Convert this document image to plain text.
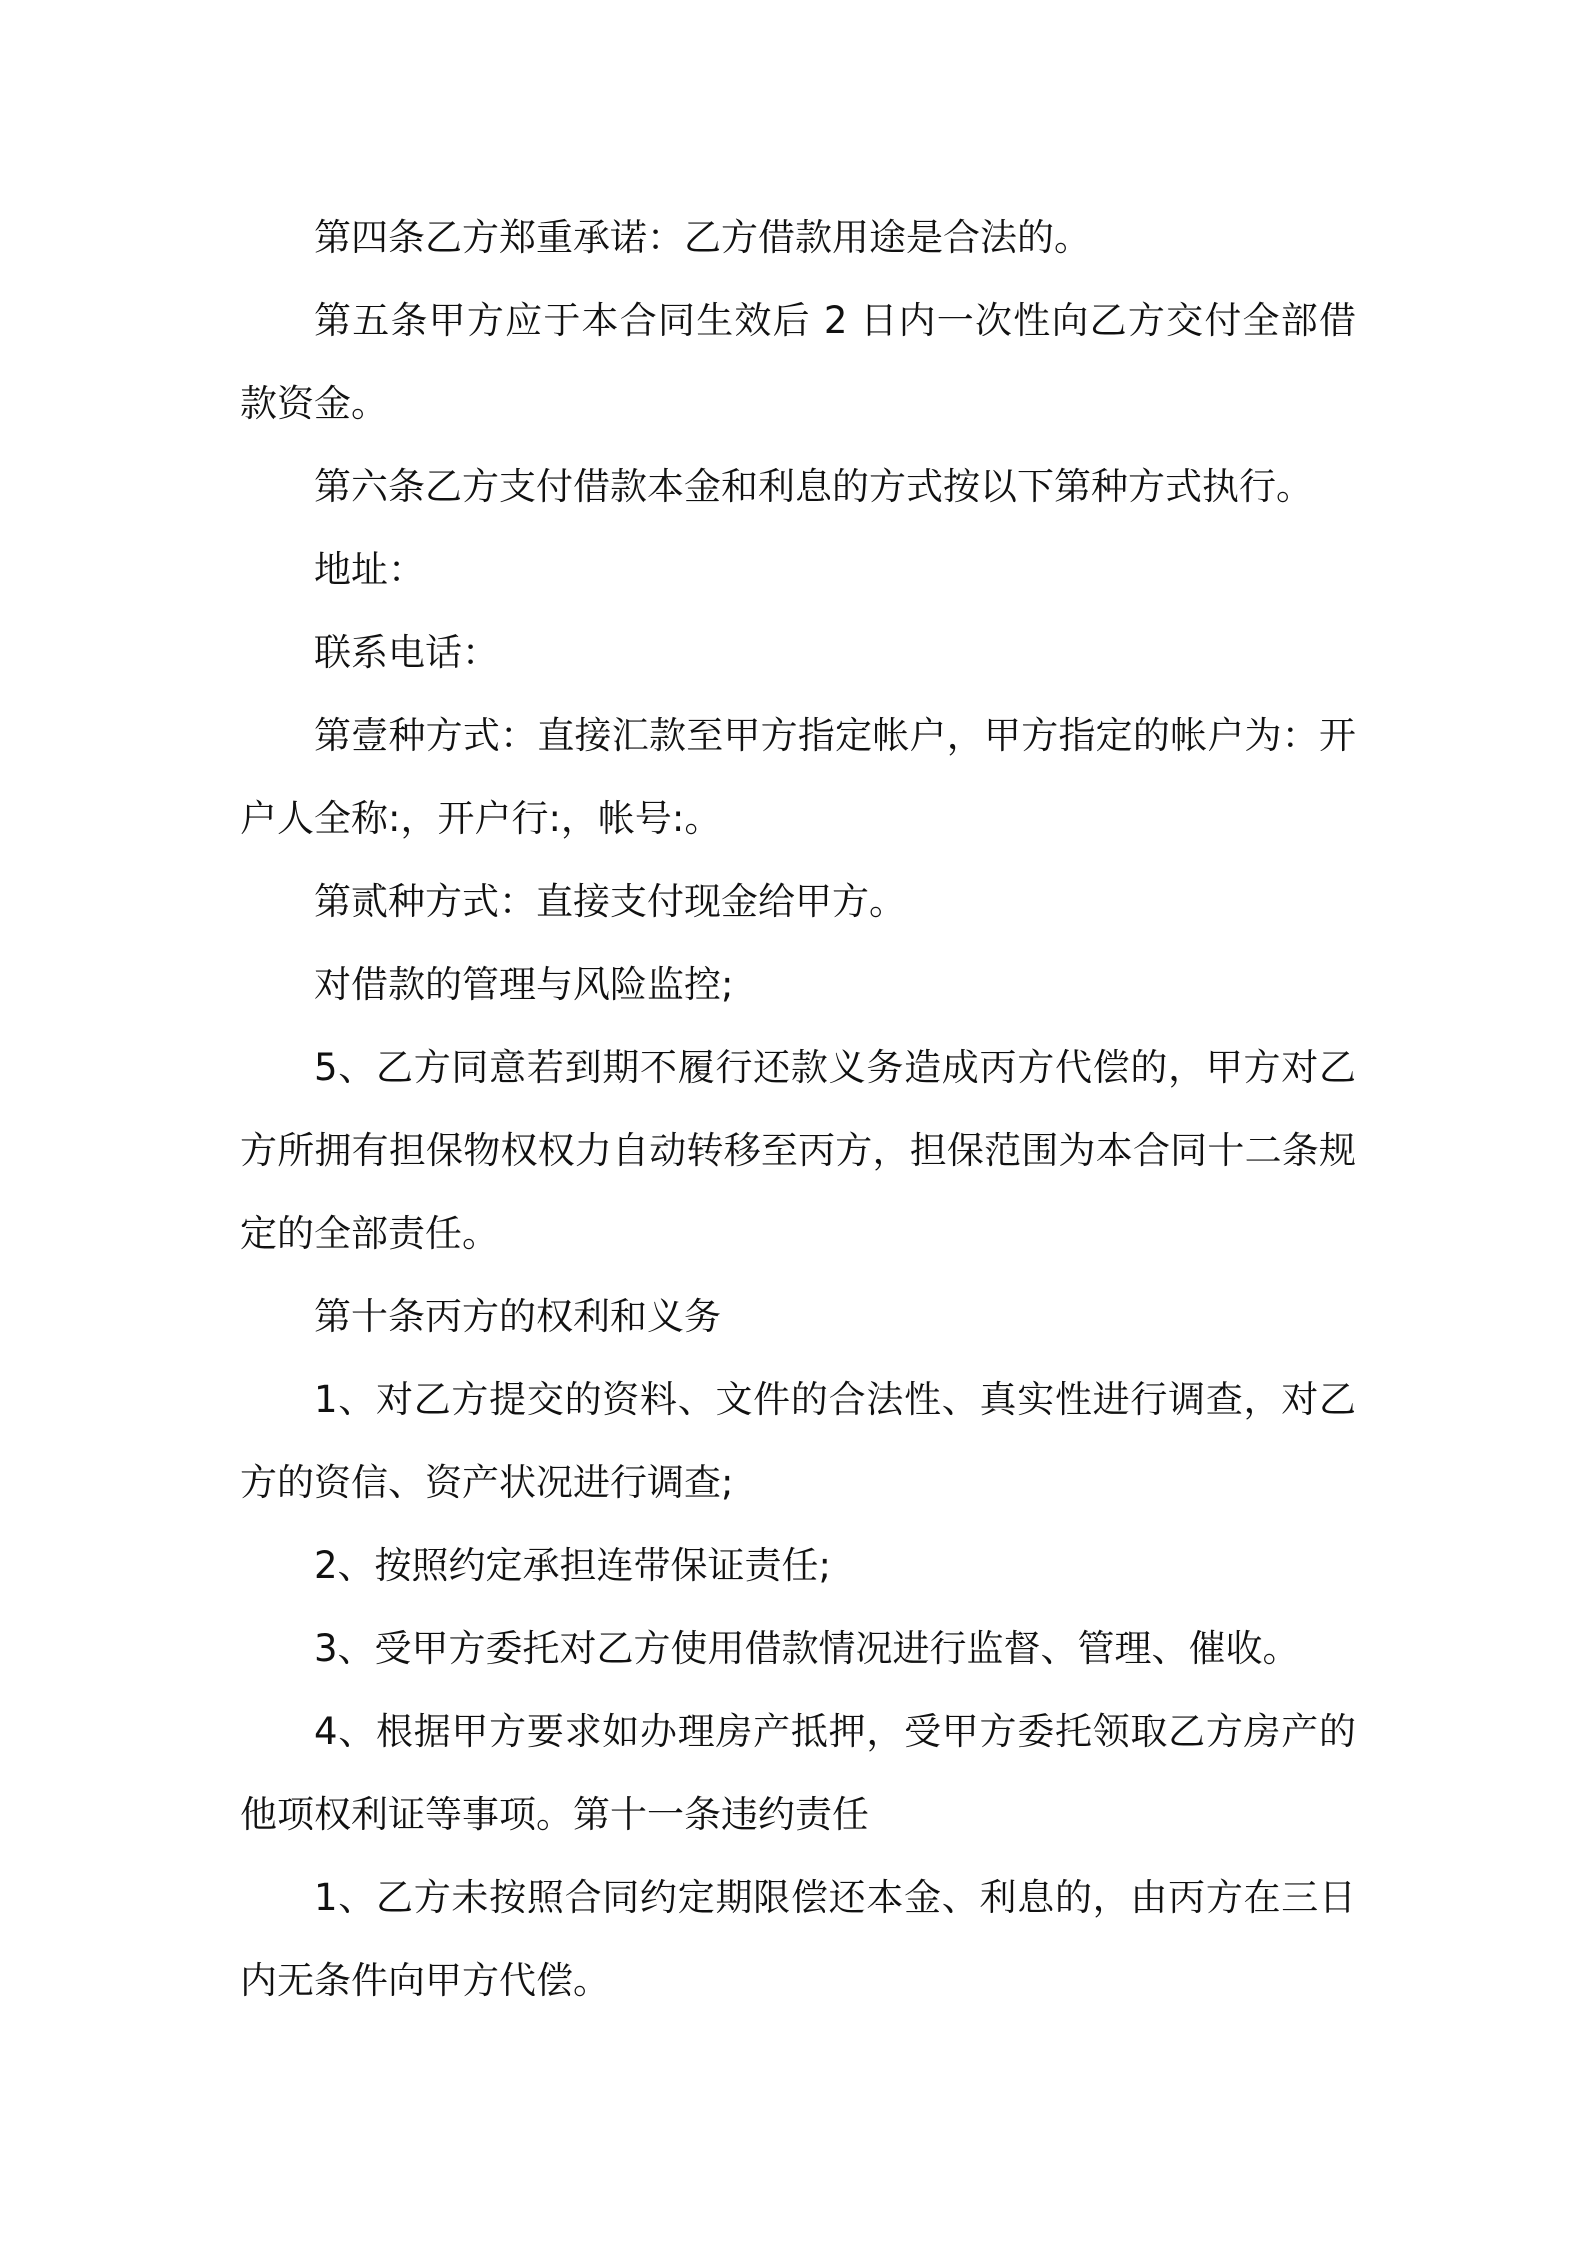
第四条乙方郑重承诺：乙方借款用途是合法的。

第五条甲方应于本合同生效后 2 日内一次性向乙方交付全部借款资金。

第六条乙方支付借款本金和利息的方式按以下第种方式执行。

地址：

联系电话：

第壹种方式：直接汇款至甲方指定帐户，甲方指定的帐户为：开户人全称:，开户行:，帐号:。

第贰种方式：直接支付现金给甲方。

对借款的管理与风险监控;

5、乙方同意若到期不履行还款义务造成丙方代偿的，甲方对乙方所拥有担保物权权力自动转移至丙方，担保范围为本合同十二条规定的全部责任。

第十条丙方的权利和义务

1、对乙方提交的资料、文件的合法性、真实性进行调查，对乙方的资信、资产状况进行调查;

2、按照约定承担连带保证责任;

3、受甲方委托对乙方使用借款情况进行监督、管理、催收。

4、根据甲方要求如办理房产抵押，受甲方委托领取乙方房产的他项权利证等事项。第十一条违约责任

1、乙方未按照合同约定期限偿还本金、利息的，由丙方在三日内无条件向甲方代偿。
